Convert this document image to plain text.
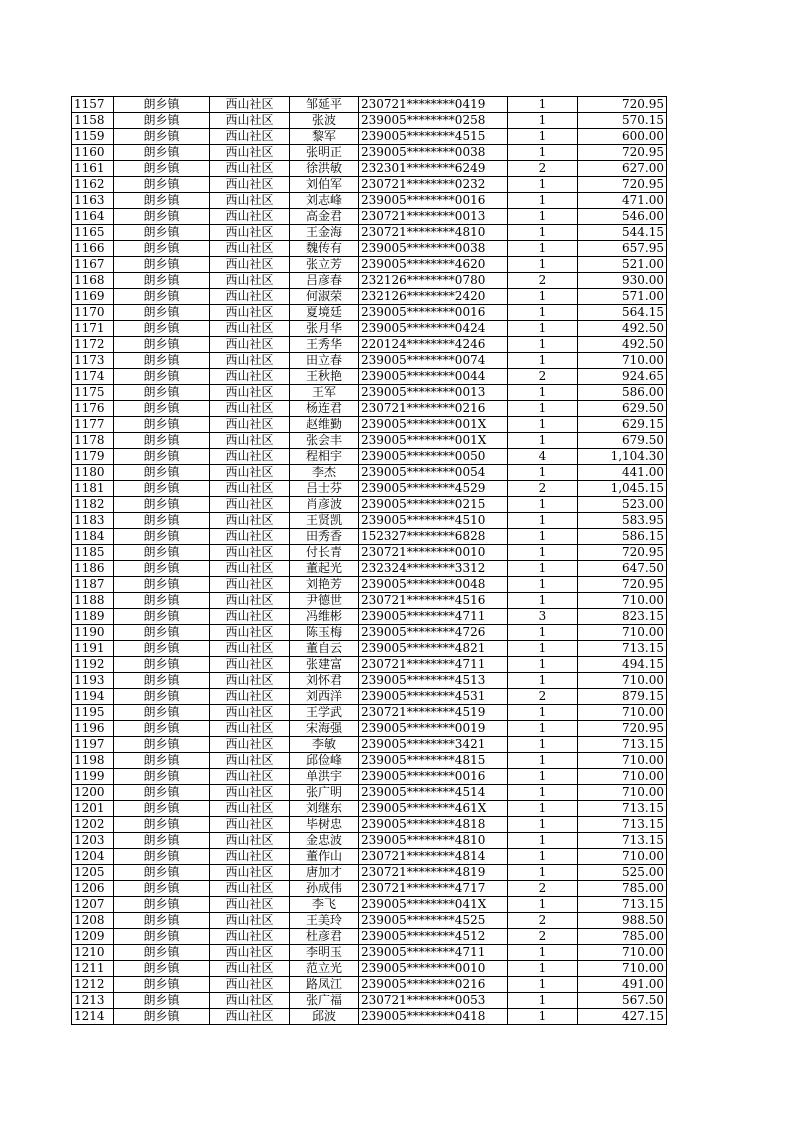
1157	朗乡镇	西山社区	邹延平	230721********0419	1	720.95
1158	朗乡镇	西山社区	张波	239005********0258	1	570.15
1159	朗乡镇	西山社区	黎军	239005********4515	1	600.00
1160	朗乡镇	西山社区	张明正	239005********0038	1	720.95
1161	朗乡镇	西山社区	徐洪敏	232301********6249	2	627.00
1162	朗乡镇	西山社区	刘伯军	230721********0232	1	720.95
1163	朗乡镇	西山社区	刘志峰	239005********0016	1	471.00
1164	朗乡镇	西山社区	高金君	230721********0013	1	546.00
1165	朗乡镇	西山社区	王金海	230721********4810	1	544.15
1166	朗乡镇	西山社区	魏传有	239005********0038	1	657.95
1167	朗乡镇	西山社区	张立芳	239005********4620	1	521.00
1168	朗乡镇	西山社区	吕彦春	232126********0780	2	930.00
1169	朗乡镇	西山社区	何淑荣	232126********2420	1	571.00
1170	朗乡镇	西山社区	夏境廷	239005********0016	1	564.15
1171	朗乡镇	西山社区	张月华	239005********0424	1	492.50
1172	朗乡镇	西山社区	王秀华	220124********4246	1	492.50
1173	朗乡镇	西山社区	田立春	239005********0074	1	710.00
1174	朗乡镇	西山社区	王秋艳	239005********0044	2	924.65
1175	朗乡镇	西山社区	王军	239005********0013	1	586.00
1176	朗乡镇	西山社区	杨连君	230721********0216	1	629.50
1177	朗乡镇	西山社区	赵维勤	239005********001X	1	629.15
1178	朗乡镇	西山社区	张会丰	239005********001X	1	679.50
1179	朗乡镇	西山社区	程相宇	239005********0050	4	1,104.30
1180	朗乡镇	西山社区	李杰	239005********0054	1	441.00
1181	朗乡镇	西山社区	吕士芬	239005********4529	2	1,045.15
1182	朗乡镇	西山社区	肖彦波	239005********0215	1	523.00
1183	朗乡镇	西山社区	王贤凯	239005********4510	1	583.95
1184	朗乡镇	西山社区	田秀香	152327********6828	1	586.15
1185	朗乡镇	西山社区	付长青	230721********0010	1	720.95
1186	朗乡镇	西山社区	董起光	232324********3312	1	647.50
1187	朗乡镇	西山社区	刘艳芳	239005********0048	1	720.95
1188	朗乡镇	西山社区	尹德世	230721********4516	1	710.00
1189	朗乡镇	西山社区	冯维彬	239005********4711	3	823.15
1190	朗乡镇	西山社区	陈玉梅	239005********4726	1	710.00
1191	朗乡镇	西山社区	董自云	239005********4821	1	713.15
1192	朗乡镇	西山社区	张建富	230721********4711	1	494.15
1193	朗乡镇	西山社区	刘怀君	239005********4513	1	710.00
1194	朗乡镇	西山社区	刘西洋	239005********4531	2	879.15
1195	朗乡镇	西山社区	王学武	230721********4519	1	710.00
1196	朗乡镇	西山社区	宋海强	239005********0019	1	720.95
1197	朗乡镇	西山社区	李敏	239005********3421	1	713.15
1198	朗乡镇	西山社区	邱俭峰	239005********4815	1	710.00
1199	朗乡镇	西山社区	单洪宇	239005********0016	1	710.00
1200	朗乡镇	西山社区	张广明	239005********4514	1	710.00
1201	朗乡镇	西山社区	刘继东	239005********461X	1	713.15
1202	朗乡镇	西山社区	毕树忠	239005********4818	1	713.15
1203	朗乡镇	西山社区	金忠波	239005********4810	1	713.15
1204	朗乡镇	西山社区	董作山	230721********4814	1	710.00
1205	朗乡镇	西山社区	唐加才	230721********4819	1	525.00
1206	朗乡镇	西山社区	孙成伟	230721********4717	2	785.00
1207	朗乡镇	西山社区	李飞	239005********041X	1	713.15
1208	朗乡镇	西山社区	王美玲	239005********4525	2	988.50
1209	朗乡镇	西山社区	杜彦君	239005********4512	2	785.00
1210	朗乡镇	西山社区	李明玉	239005********4711	1	710.00
1211	朗乡镇	西山社区	范立光	239005********0010	1	710.00
1212	朗乡镇	西山社区	路凤江	239005********0216	1	491.00
1213	朗乡镇	西山社区	张广福	230721********0053	1	567.50
1214	朗乡镇	西山社区	邱波	239005********0418	1	427.15
